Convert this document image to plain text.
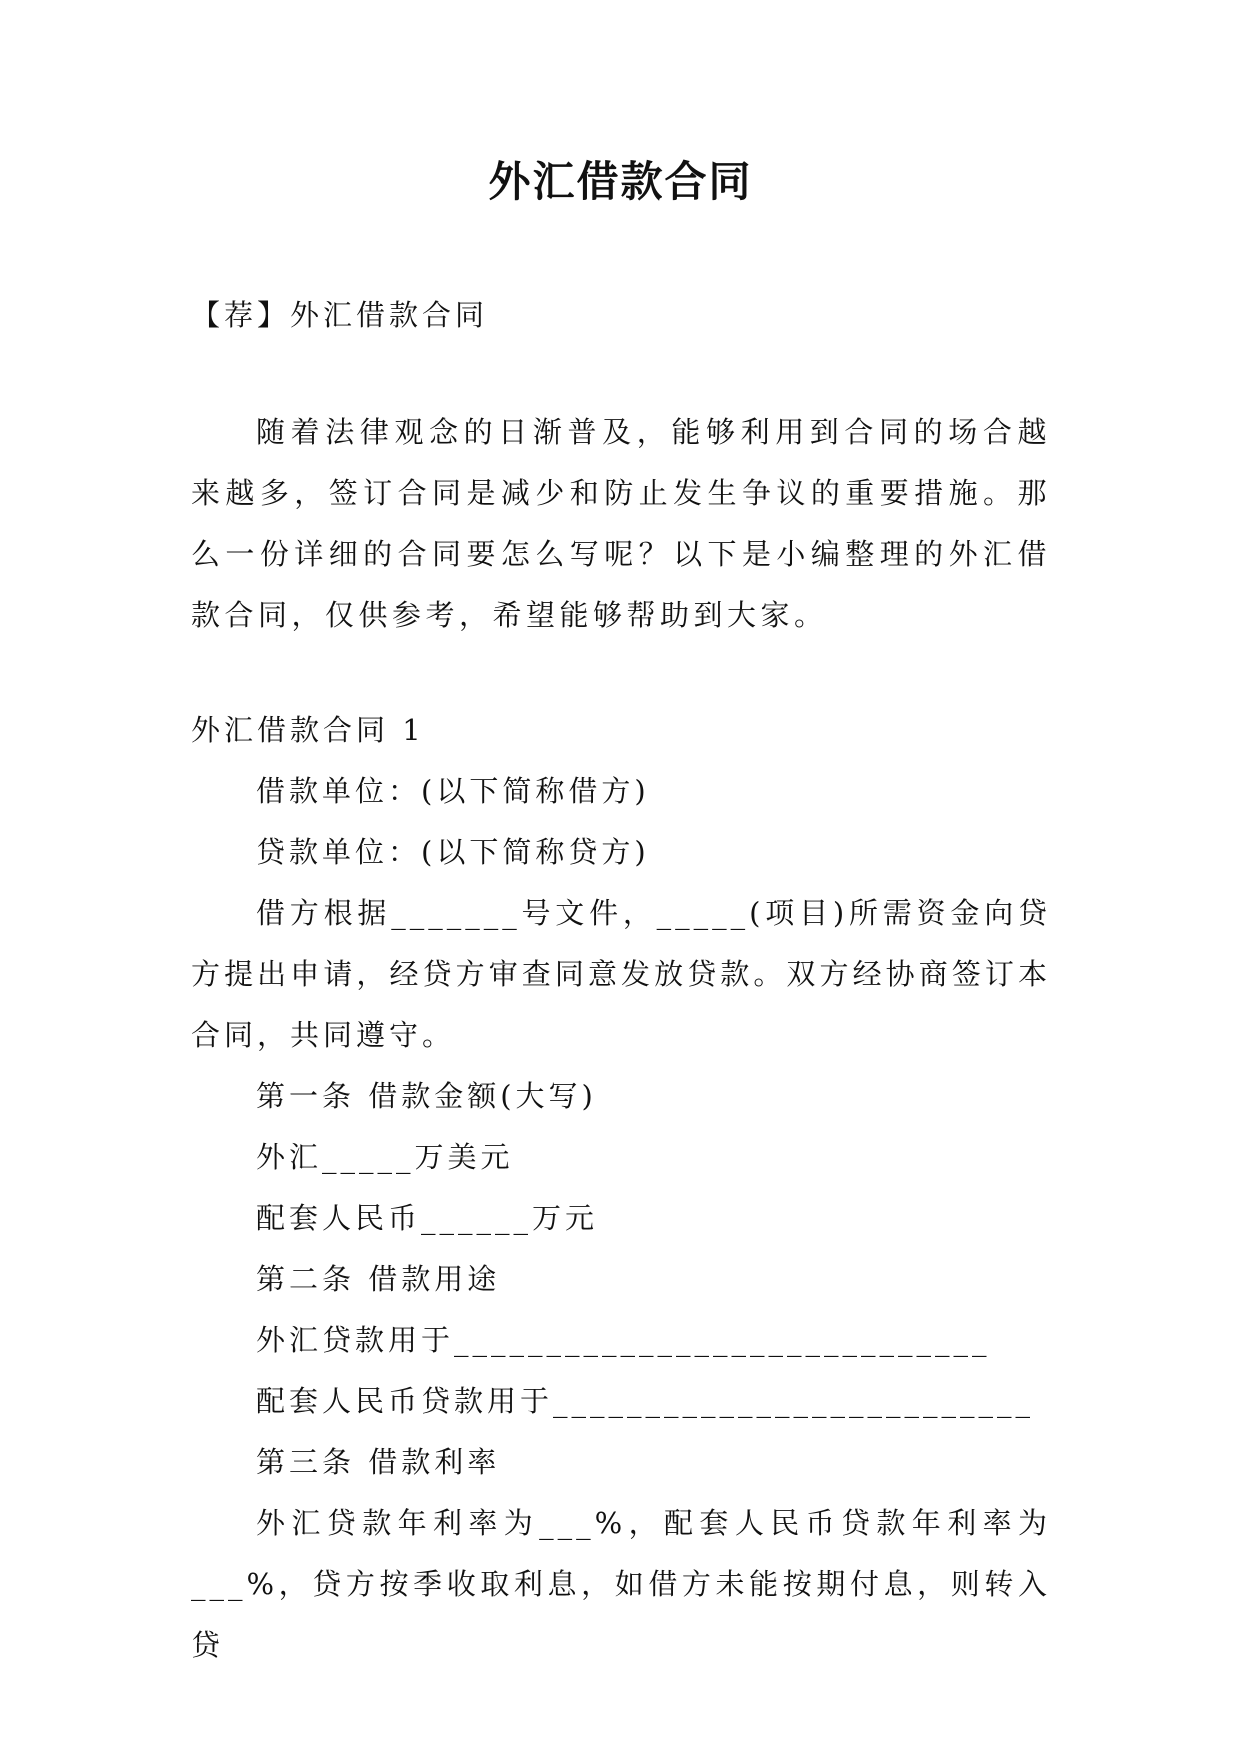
外汇借款合同

【荐】外汇借款合同

随着法律观念的日渐普及，能够利用到合同的场合越来越多，签订合同是减少和防止发生争议的重要措施。那么一份详细的合同要怎么写呢？以下是小编整理的外汇借款合同，仅供参考，希望能够帮助到大家。

外汇借款合同 1

借款单位：(以下简称借方)

贷款单位：(以下简称贷方)

借方根据_______号文件，_____(项目)所需资金向贷方提出申请，经贷方审查同意发放贷款。双方经协商签订本合同，共同遵守。

第一条 借款金额(大写)

外汇_____万美元

配套人民币______万元

第二条 借款用途

外汇贷款用于_____________________________

配套人民币贷款用于__________________________

第三条 借款利率

外汇贷款年利率为___%，配套人民币贷款年利率为___%，贷方按季收取利息，如借方未能按期付息，则转入贷
